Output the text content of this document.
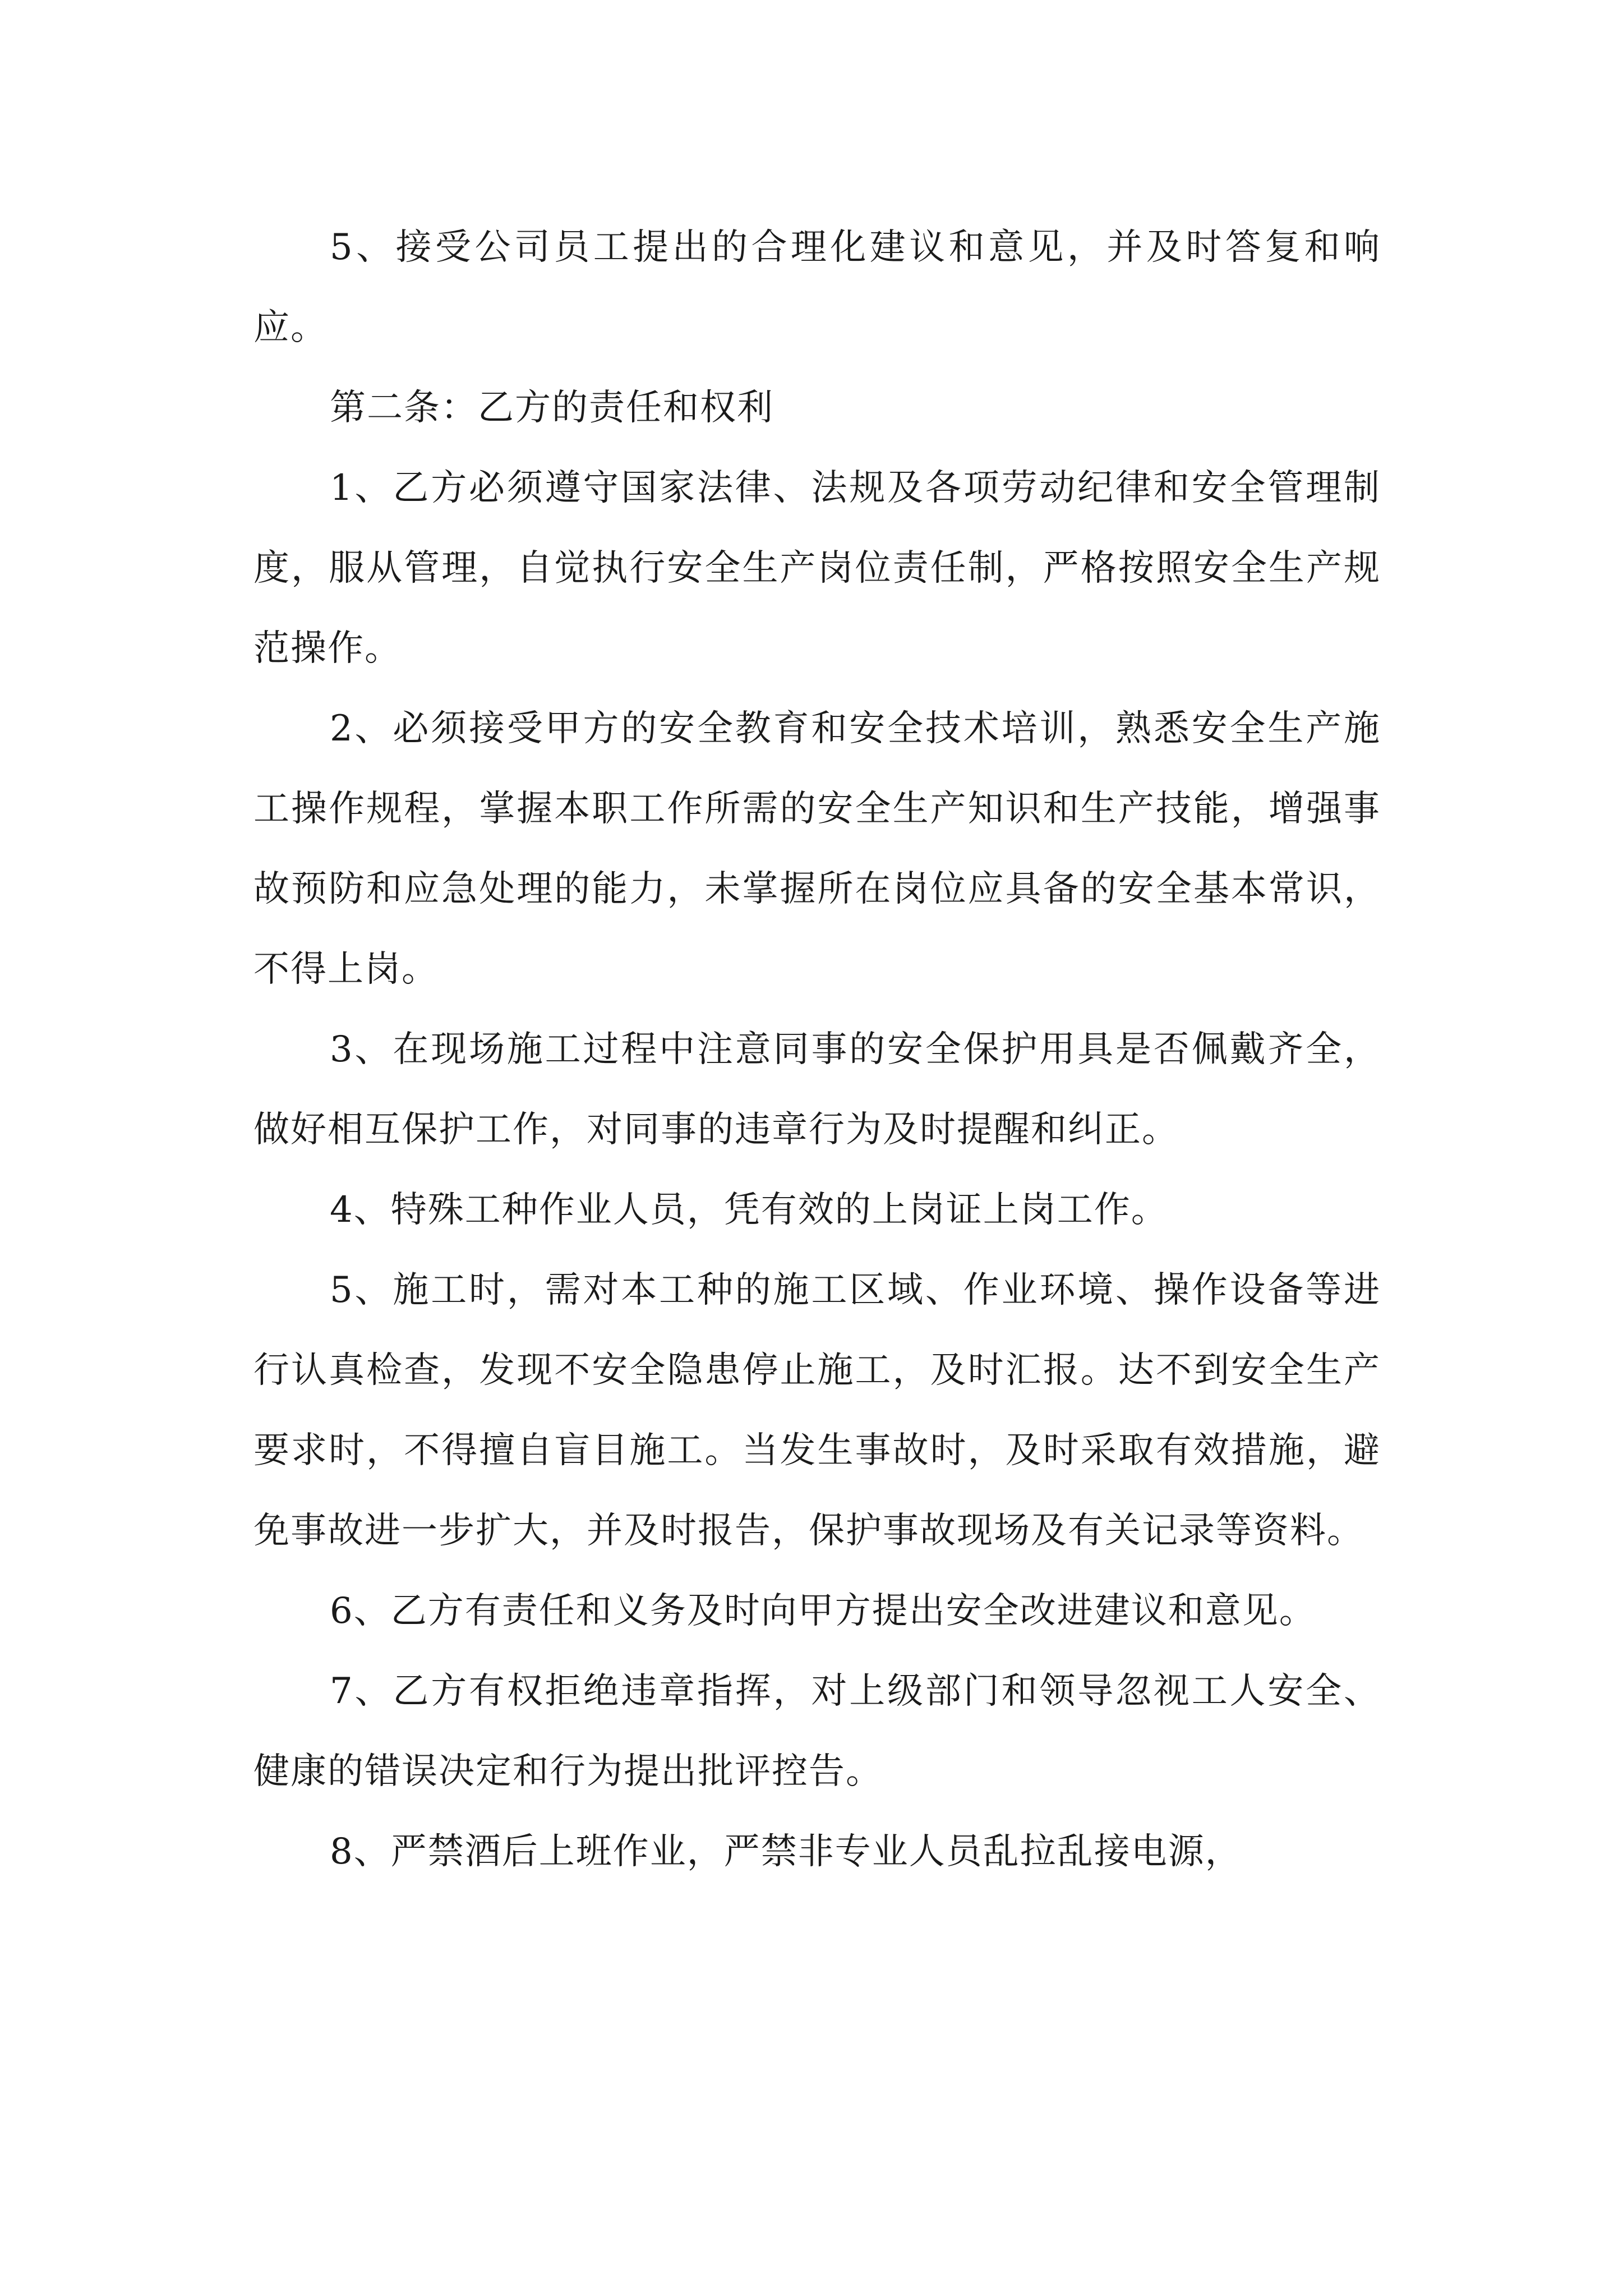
5、接受公司员工提出的合理化建议和意见，并及时答复和响应。

第二条：乙方的责任和权利

1、乙方必须遵守国家法律、法规及各项劳动纪律和安全管理制度，服从管理，自觉执行安全生产岗位责任制，严格按照安全生产规范操作。

2、必须接受甲方的安全教育和安全技术培训，熟悉安全生产施工操作规程，掌握本职工作所需的安全生产知识和生产技能，增强事故预防和应急处理的能力，未掌握所在岗位应具备的安全基本常识，不得上岗。

3、在现场施工过程中注意同事的安全保护用具是否佩戴齐全，做好相互保护工作，对同事的违章行为及时提醒和纠正。

4、特殊工种作业人员，凭有效的上岗证上岗工作。

5、施工时，需对本工种的施工区域、作业环境、操作设备等进行认真检查，发现不安全隐患停止施工，及时汇报。达不到安全生产要求时，不得擅自盲目施工。当发生事故时，及时采取有效措施，避免事故进一步扩大，并及时报告，保护事故现场及有关记录等资料。

6、乙方有责任和义务及时向甲方提出安全改进建议和意见。

7、乙方有权拒绝违章指挥，对上级部门和领导忽视工人安全、健康的错误决定和行为提出批评控告。

8、严禁酒后上班作业，严禁非专业人员乱拉乱接电源，
